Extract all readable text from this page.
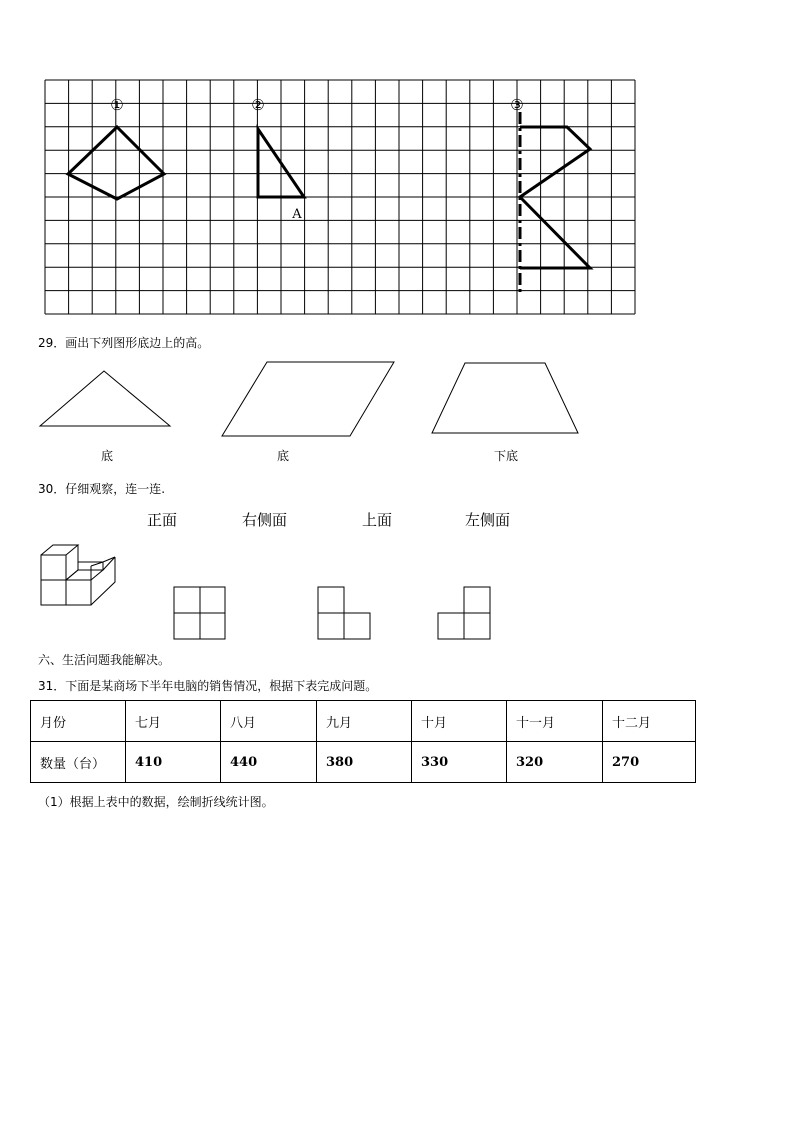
①	②	③
A
29．画出下列图形底边上的高。
底	底	下底
30．仔细观察，连一连.
正面	右侧面	上面	左侧面
六、生活问题我能解决。
31．下面是某商场下半年电脑的销售情况，根据下表完成问题。
月份	七月	八月	九月	十月	十一月	十二月
数量（台）	410	440	380	330	320	270
（1）根据上表中的数据，绘制折线统计图。
